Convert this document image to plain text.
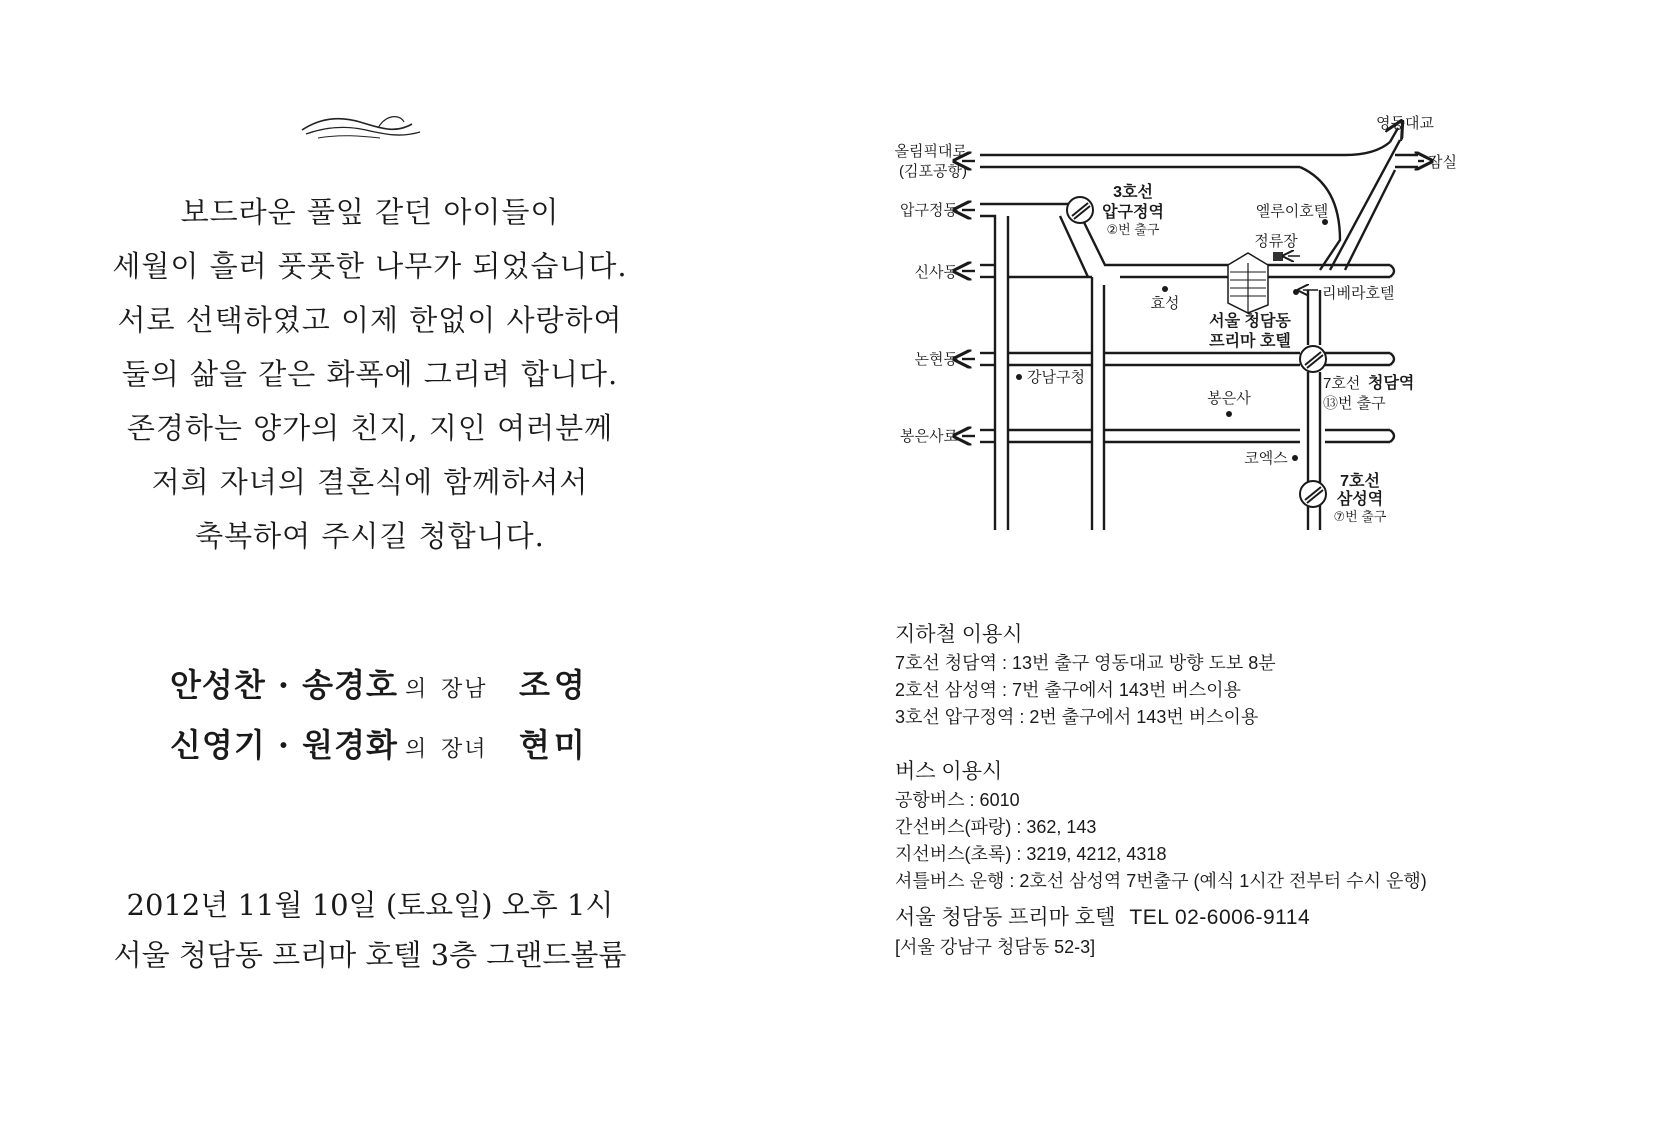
보드라운 풀잎 같던 아이들이
세월이 흘러 풋풋한 나무가 되었습니다.
서로 선택하였고 이제 한없이 사랑하여
둘의 삶을 같은 화폭에 그리려 합니다.
존경하는 양가의 친지, 지인 여러분께
저희 자녀의 결혼식에 함께하셔서
축복하여 주시길 청합니다.
안성찬 · 송경호 의 장남 조영
신영기 · 원경화 의 장녀 현미
2012년 11월 10일 (토요일) 오후 1시
서울 청담동 프리마 호텔 3층 그랜드볼륨
올림픽대로
(김포공항)
영동대교
잠실
압구정동
신사동
논현동
봉은사로
3호선
압구정역
②번 출구
엘루이호텔
정류장
리베라호텔
효성
서울 청담동
프리마 호텔
강남구청	7호선 청담역
⑬번 출구
봉은사
코엑스
7호선
삼성역
⑦번 출구
지하철 이용시
7호선 청담역 : 13번 출구 영동대교 방향 도보 8분
2호선 삼성역 : 7번 출구에서 143번 버스이용
3호선 압구정역 : 2번 출구에서 143번 버스이용
버스 이용시
공항버스 : 6010
간선버스(파랑) : 362, 143
지선버스(초록) : 3219, 4212, 4318
셔틀버스 운행 : 2호선 삼성역 7번출구 (예식 1시간 전부터 수시 운행)
서울 청담동 프리마 호텔 TEL 02-6006-9114
[서울 강남구 청담동 52-3]
